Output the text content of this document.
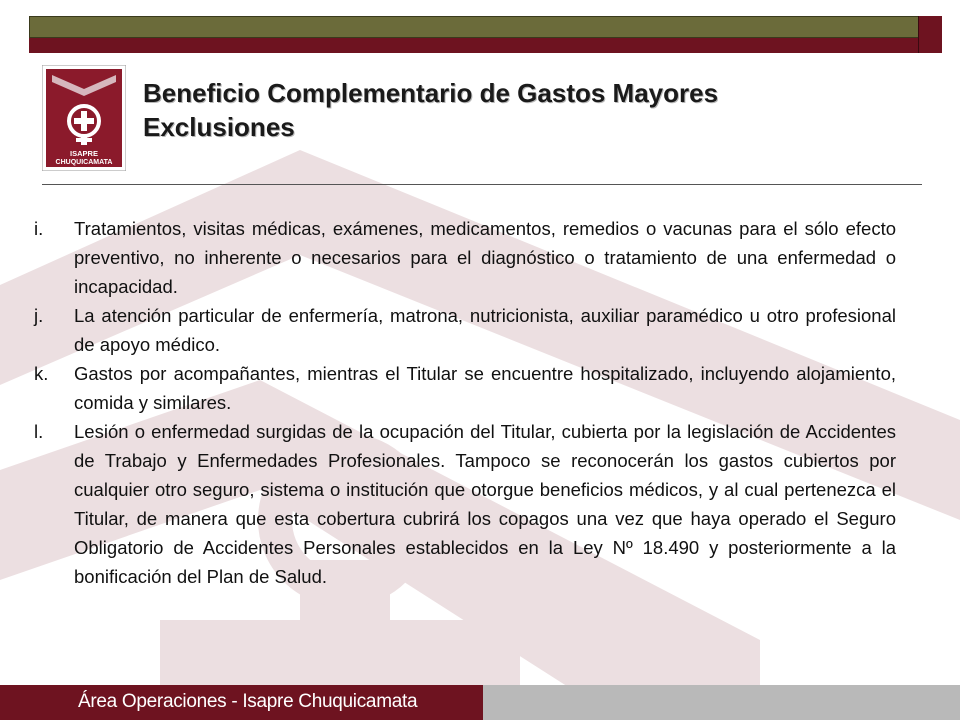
ISAPRE
CHUQUICAMATA
Beneficio Complementario de Gastos Mayores
Exclusiones
i. Tratamientos, visitas médicas, exámenes, medicamentos, remedios o vacunas para el sólo efecto preventivo, no inherente o necesarios para el diagnóstico o tratamiento de una enfermedad o incapacidad.
j. La atención particular de enfermería, matrona, nutricionista, auxiliar paramédico u otro profesional de apoyo médico.
k. Gastos por acompañantes, mientras el Titular se encuentre hospitalizado, incluyendo alojamiento, comida y similares.
l. Lesión o enfermedad surgidas de la ocupación del Titular, cubierta por la legislación de Accidentes de Trabajo y Enfermedades Profesionales. Tampoco se reconocerán los gastos cubiertos por cualquier otro seguro, sistema o institución que otorgue beneficios médicos, y al cual pertenezca el Titular, de manera que esta cobertura cubrirá los copagos una vez que haya operado el Seguro Obligatorio de Accidentes Personales establecidos en la Ley Nº 18.490 y posteriormente a la bonificación del Plan de Salud.
Área Operaciones - Isapre Chuquicamata
